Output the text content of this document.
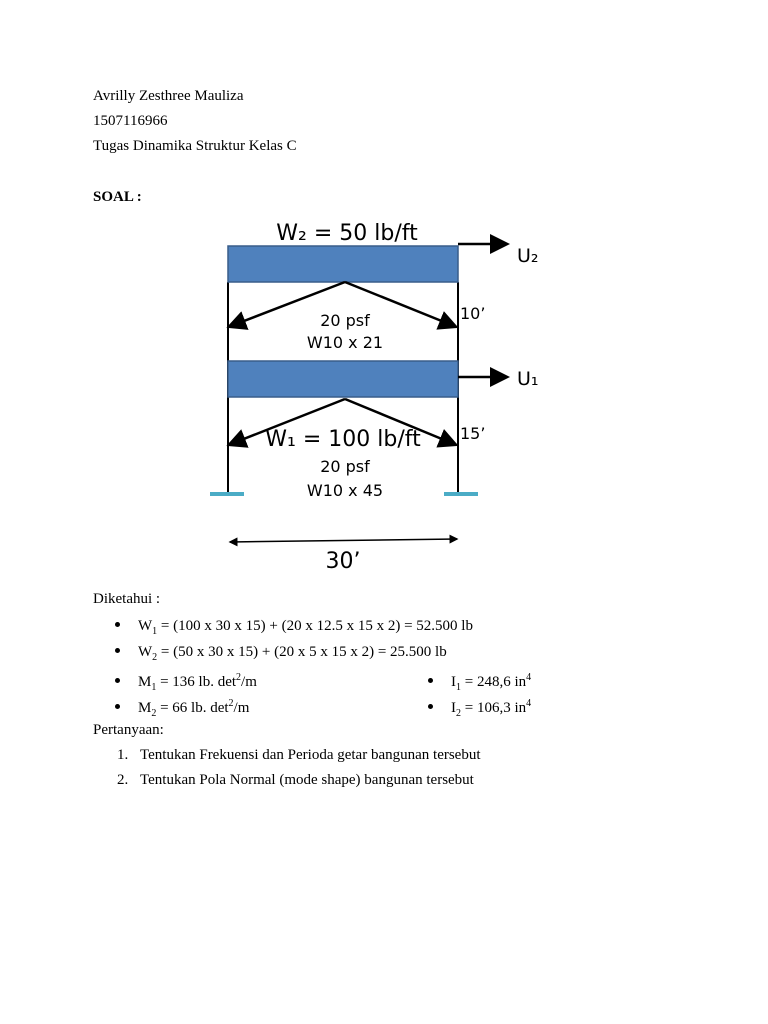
Avrilly Zesthree Mauliza
1507116966
Tugas Dinamika Struktur Kelas C
SOAL :
W₂ = 50 lb/ft
U₂
U₁
10’
15’
20 psf
W10 x 21
W₁ = 100 lb/ft
20 psf
W10 x 45
30’
Diketahui :
$W_1 = (100$ x 30 x 15) + (20 x 12.5 x 15 x 2) = 52.500 lb
$W_2 = (50$ x 30 x 15) + (20 x 5 x 15 x 2) = 25.500 lb
$M_1 = 136$ lb. $\det^2/m$	$I_1 = 248,6$ $in^4$
$M_2 = 66$ lb. $\det^2/m$	$I_2 = 106,3$ $in^4$
Pertanyaan:
1. Tentukan Frekuensi dan Perioda getar bangunan tersebut
2. Tentukan Pola Normal (mode shape) bangunan tersebut
